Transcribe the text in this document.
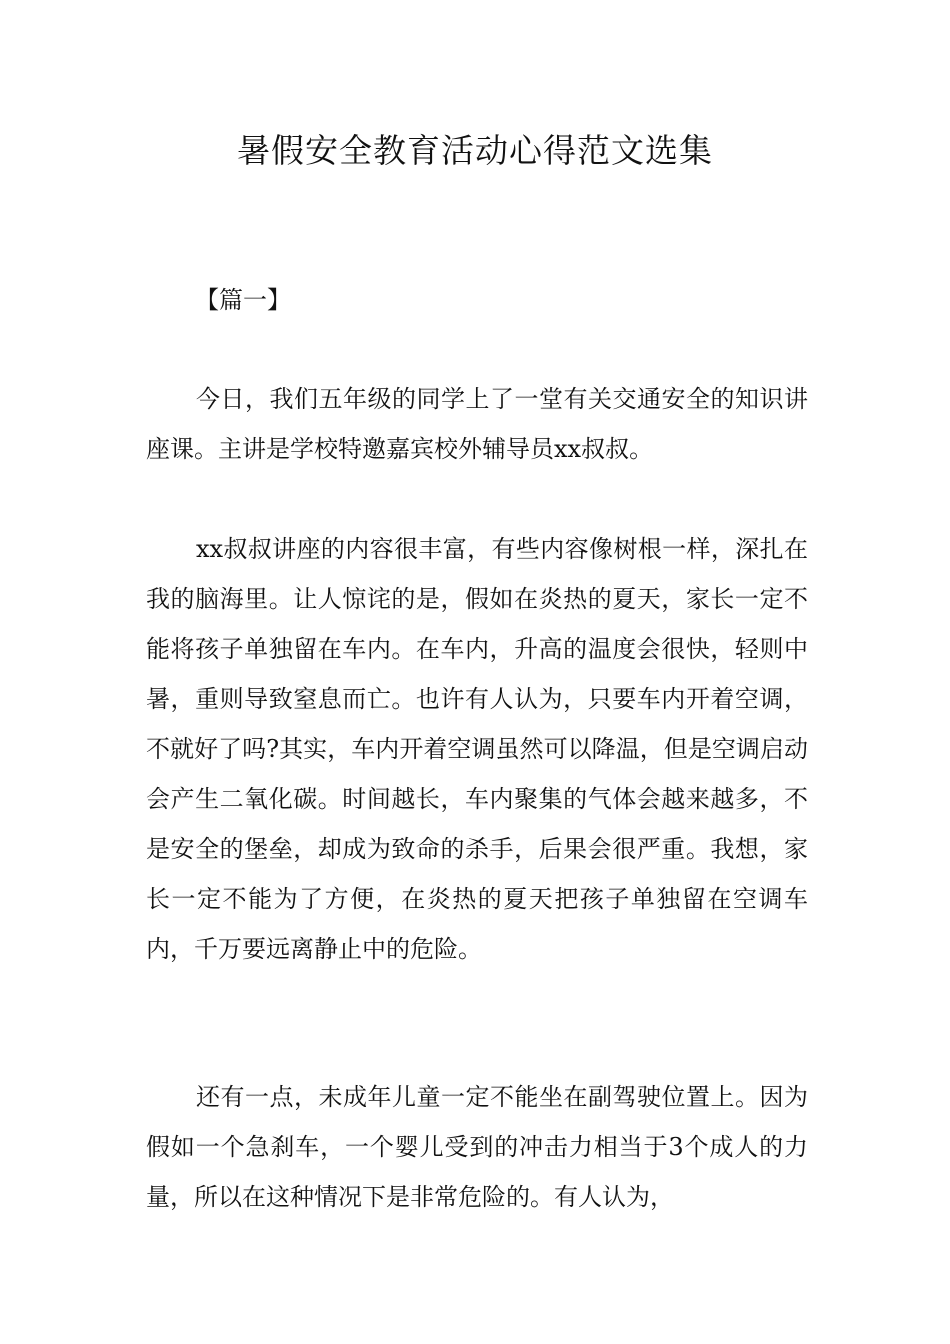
暑假安全教育活动心得范文选集

【篇一】

今日，我们五年级的同学上了一堂有关交通安全的知识讲座课。主讲是学校特邀嘉宾校外辅导员xx叔叔。

xx叔叔讲座的内容很丰富，有些内容像树根一样，深扎在我的脑海里。让人惊诧的是，假如在炎热的夏天，家长一定不能将孩子单独留在车内。在车内，升高的温度会很快，轻则中暑，重则导致窒息而亡。也许有人认为，只要车内开着空调，不就好了吗?其实，车内开着空调虽然可以降温，但是空调启动会产生二氧化碳。时间越长，车内聚集的气体会越来越多，不是安全的堡垒，却成为致命的杀手，后果会很严重。我想，家长一定不能为了方便，在炎热的夏天把孩子单独留在空调车内，千万要远离静止中的危险。

还有一点，未成年儿童一定不能坐在副驾驶位置上。因为假如一个急刹车，一个婴儿受到的冲击力相当于3个成人的力量，所以在这种情况下是非常危险的。有人认为，
